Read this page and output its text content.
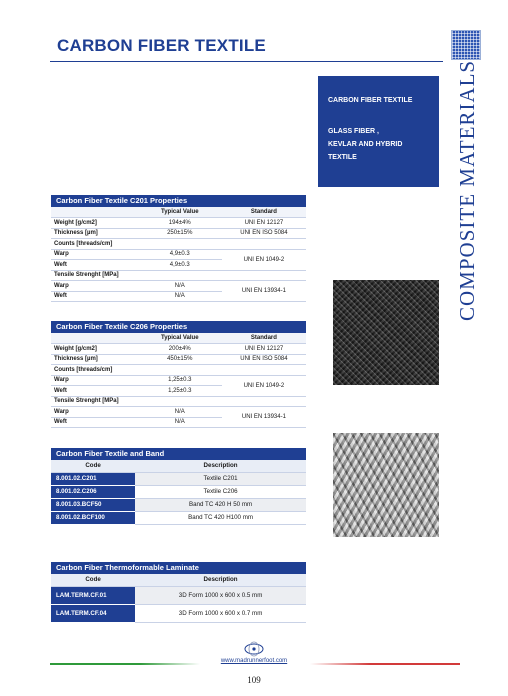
CARBON FIBER TEXTILE
CARBON FIBER TEXTILE
GLASS FIBER ,
KEVLAR AND HYBRID
TEXTILE	COMPOSITE MATERIALS
Carbon Fiber Textile C201 Properties
	Typical Value	Standard
Weight [g/cm2]	194±4%	UNI EN 12127
Thickness [µm]	250±15%	UNI EN ISO 5084
Counts [threads/cm]		
Warp	4,9±0.3	UNI EN 1049-2
Weft	4,9±0.3	
Tensile Strenght [MPa]		
Warp	N/A	UNI EN 13934-1
Weft	N/A	
Carbon Fiber Textile C206 Properties
	Typical Value	Standard
Weight [g/cm2]	200±4%	UNI EN 12127
Thickness [µm]	450±15%	UNI EN ISO 5084
Counts [threads/cm]		
Warp	1,25±0.3	UNI EN 1049-2
Weft	1,25±0.3	
Tensile Strenght [MPa]		
Warp	N/A	UNI EN 13934-1
Weft	N/A	
Carbon Fiber Textile and Band
Code	Description
8.001.02.C201	Textile C201
8.001.02.C206	Textile C206
8.001.03.BCF50	Band TC 420 H 50 mm
8.001.02.BCF100	Band TC 420 H100 mm
Carbon Fiber Thermoformable Laminate
Code	Description
LAM.TERM.CF.01	3D Form 1000 x 600 x 0.5 mm
LAM.TERM.CF.04	3D Form 1000 x 600 x 0.7 mm
www.madrunnerfoot.com
109
